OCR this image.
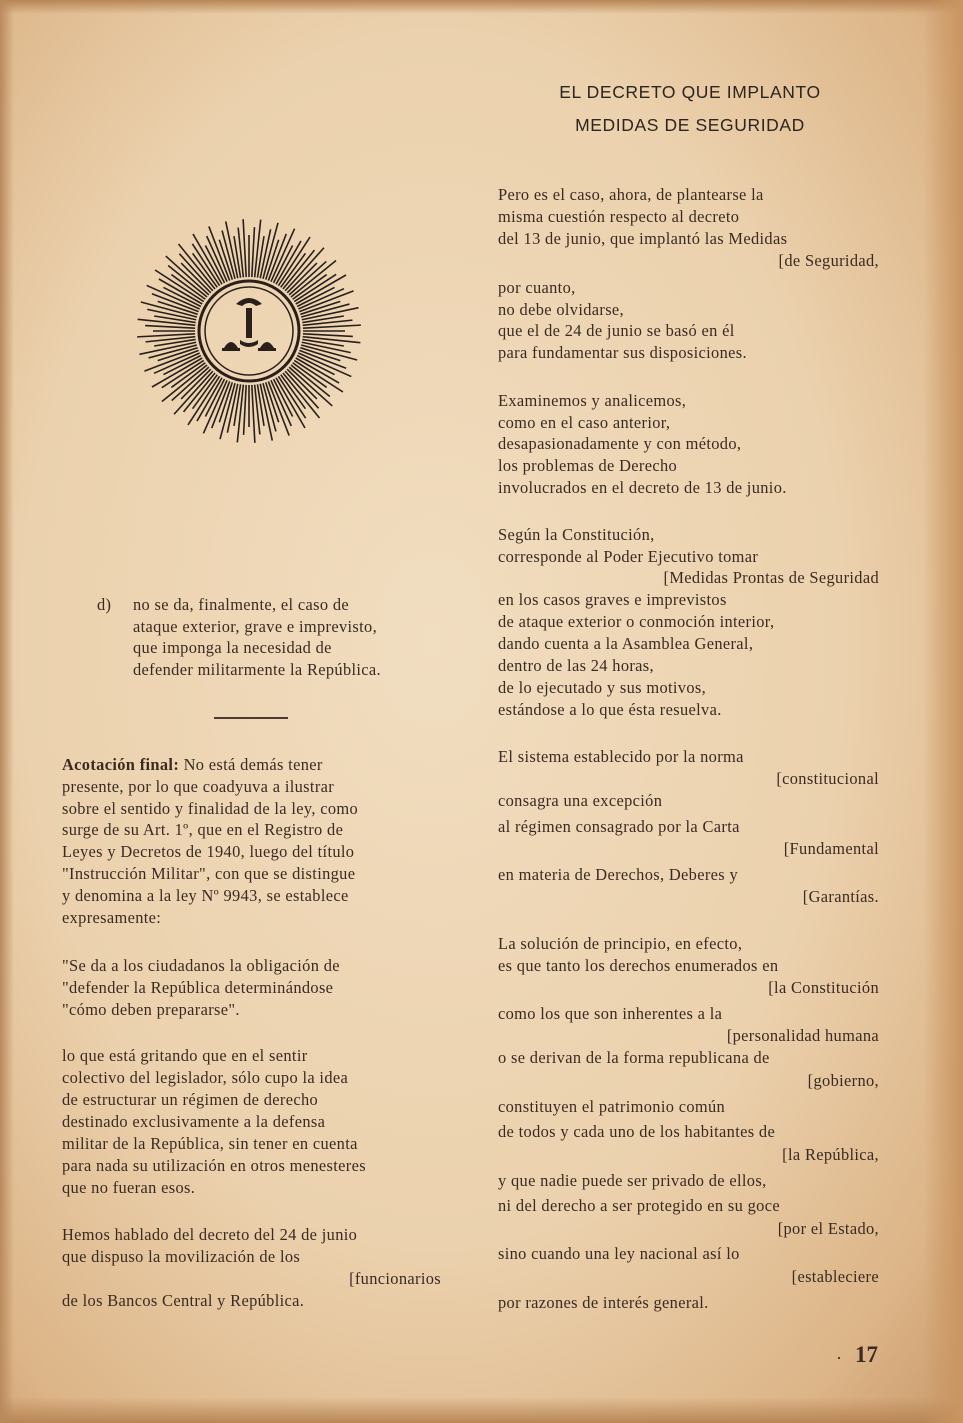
EL DECRETO QUE IMPLANTO
MEDIDAS DE SEGURIDAD
Pero es el caso, ahora, de plantearse la
misma cuestión respecto al decreto
del 13 de junio, que implantó las Medidas
[de Seguridad,
por cuanto,
no debe olvidarse,
que el de 24 de junio se basó en él
para fundamentar sus disposiciones.
Examinemos y analicemos,
como en el caso anterior,
desapasionadamente y con método,
los problemas de Derecho
involucrados en el decreto de 13 de junio.
Según la Constitución,
corresponde al Poder Ejecutivo tomar
[Medidas Prontas de Seguridad
en los casos graves e imprevistos
de ataque exterior o conmoción interior,
dando cuenta a la Asamblea General,
dentro de las 24 horas,
de lo ejecutado y sus motivos,
estándose a lo que ésta resuelva.
El sistema establecido por la norma
[constitucional
consagra una excepción
al régimen consagrado por la Carta
[Fundamental
en materia de Derechos, Deberes y
[Garantías.
La solución de principio, en efecto,
es que tanto los derechos enumerados en
[la Constitución
como los que son inherentes a la
[personalidad humana
o se derivan de la forma republicana de
[gobierno,
constituyen el patrimonio común
de todos y cada uno de los habitantes de
[la República,
y que nadie puede ser privado de ellos,
ni del derecho a ser protegido en su goce
[por el Estado,
sino cuando una ley nacional así lo
[estableciere
por razones de interés general.
d) no se da, finalmente, el caso de
ataque exterior, grave e imprevisto,
que imponga la necesidad de
defender militarmente la República.
Acotación final: No está demás tener
presente, por lo que coadyuva a ilustrar
sobre el sentido y finalidad de la ley, como
surge de su Art. 1º, que en el Registro de
Leyes y Decretos de 1940, luego del título
"Instrucción Militar", con que se distingue
y denomina a la ley Nº 9943, se establece
expresamente:
"Se da a los ciudadanos la obligación de
"defender la República determinándose
"cómo deben prepararse".
lo que está gritando que en el sentir
colectivo del legislador, sólo cupo la idea
de estructurar un régimen de derecho
destinado exclusivamente a la defensa
militar de la República, sin tener en cuenta
para nada su utilización en otros menesteres
que no fueran esos.
Hemos hablado del decreto del 24 de junio
que dispuso la movilización de los
[funcionarios
de los Bancos Central y República.
· 17
